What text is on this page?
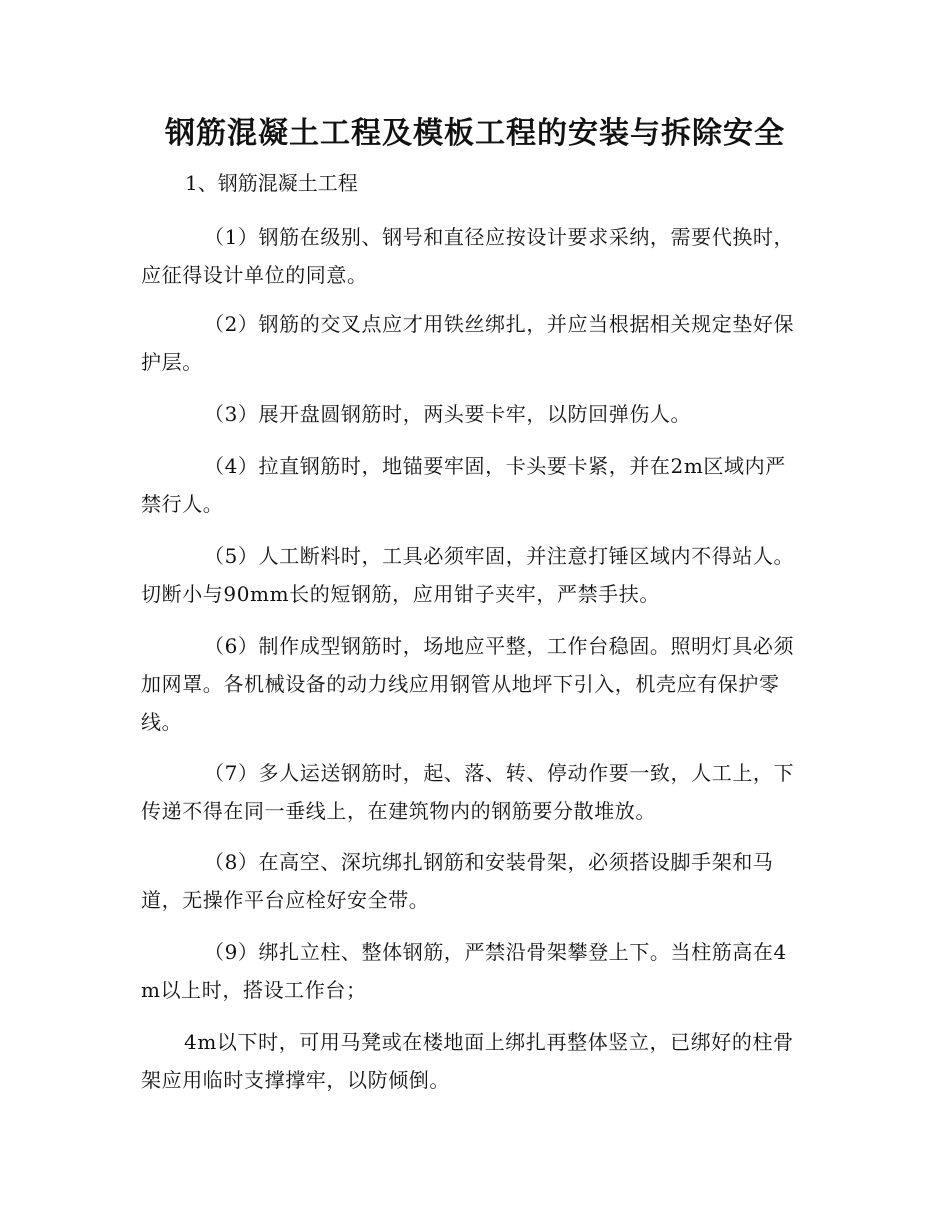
钢筋混凝土工程及模板工程的安装与拆除安全
1、钢筋混凝土工程
（1）钢筋在级别、钢号和直径应按设计要求采纳，需要代换时，应征得设计单位的同意。
（2）钢筋的交叉点应才用铁丝绑扎，并应当根据相关规定垫好保护层。
（3）展开盘圆钢筋时，两头要卡牢，以防回弹伤人。
（4）拉直钢筋时，地锚要牢固，卡头要卡紧，并在2m区域内严禁行人。
（5）人工断料时，工具必须牢固，并注意打锤区域内不得站人。切断小与90mm长的短钢筋，应用钳子夹牢，严禁手扶。
（6）制作成型钢筋时，场地应平整，工作台稳固。照明灯具必须加网罩。各机械设备的动力线应用钢管从地坪下引入，机壳应有保护零线。
（7）多人运送钢筋时，起、落、转、停动作要一致，人工上，下传递不得在同一垂线上，在建筑物内的钢筋要分散堆放。
（8）在高空、深坑绑扎钢筋和安装骨架，必须搭设脚手架和马道，无操作平台应栓好安全带。
（9）绑扎立柱、整体钢筋，严禁沿骨架攀登上下。当柱筋高在4m以上时，搭设工作台；
4m以下时，可用马凳或在楼地面上绑扎再整体竖立，已绑好的柱骨架应用临时支撑撑牢，以防倾倒。
